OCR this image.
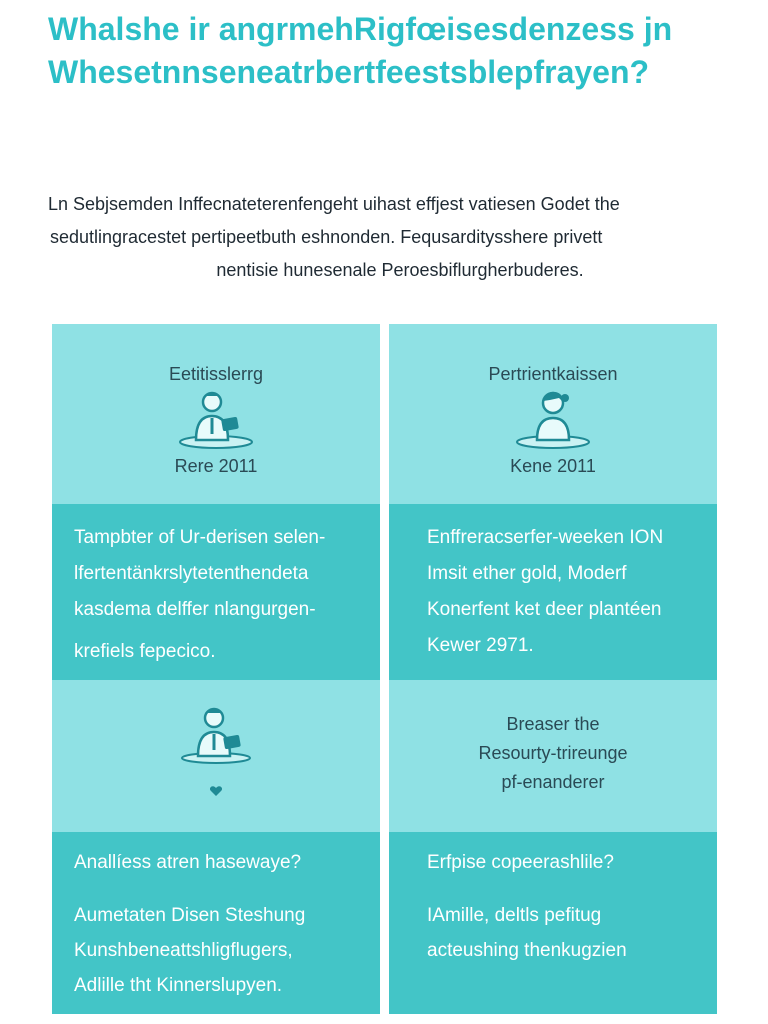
Whalshe ir angrmehRigfœisesdenzess jn
Whesetnnseneatrbertfeestsblepfrayen?
Ln Sebjsemden Inffecnateterenfengeht uihast effjest vatiesen Godet the
sedutlingracestet pertipeetbuth eshnonden. Fequsarditysshere privett
nentisie hunesenale Peroesbiflurgherbuderes.
Eetitisslerrg
Rere 2011
Pertrientkaissen
Kene 2011
Tampbter of Ur-derisen selen-
lfertentänkrslytetenthendeta
kasdema delffer nlangurgen-
krefiels fepecico.
Enffreracserfer-weeken ION
Imsit ether gold, Moderf
Konerfent ket deer plantéen
Kewer 2971.
Breaser the
Resourty-trireunge
pf-enanderer
Anallíess atren hasewaye?
Aumetaten Disen Steshung
Kunshbeneattshligflugers,
Adlille tht Kinnerslupyen.
Erfpise copeerashlile?
IAmille, deltls pefitug
acteushing thenkugzien
